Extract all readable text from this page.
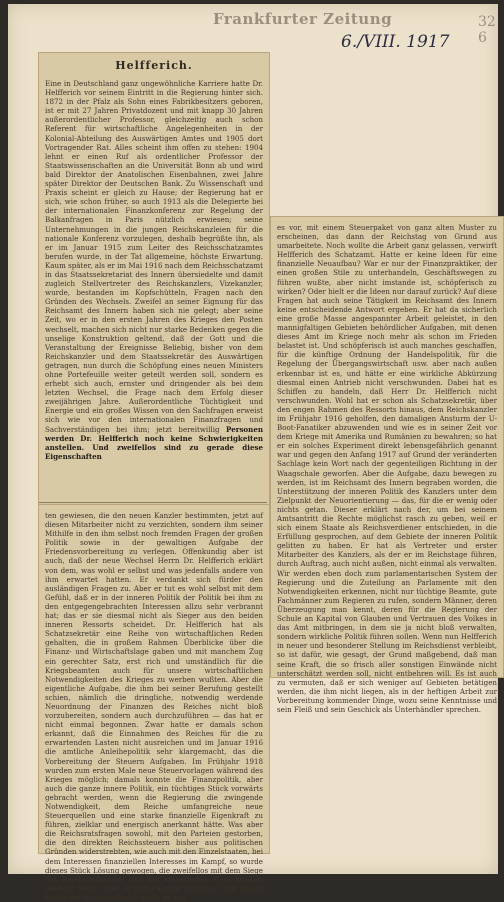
Frankfurter Zeitung
6./VIII. 1917
32 6
Helfferich.
Eine in Deutschland ganz ungewöhnliche Karriere hatte Dr. Helfferich vor seinem Eintritt in die Regierung hinter sich. 1872 in der Pfalz als Sohn eines Fabrikbesitzers geboren, ist er mit 27 Jahren Privatdozent und mit knapp 30 Jahren außerordentlicher Professor, gleichzeitig auch schon Referent für wirtschaftliche Angelegenheiten in der Kolonial-Abteilung des Auswärtigen Amtes und 1905 dort Vortragender Rat. Alles scheint ihm offen zu stehen: 1904 lehnt er einen Ruf als ordentlicher Professor der Staatswissenschaften an die Universität Bonn ab und wird bald Direktor der Anatolischen Eisenbahnen, zwei Jahre später Direktor der Deutschen Bank. Zu Wissenschaft und Praxis scheint er gleich zu Hause; der Regierung hat er sich, wie schon früher, so auch 1913 als die Delegierte bei der internationalen Finanzkonferenz zur Regelung der Balkanfragen in Paris nützlich erwiesen; seine Unternehmungen in die jungen Reichskanzleien für die nationale Konferenz vorzulegen, deshalb begrüßte ihn, als er im Januar 1915 zum Leiter des Reichsschatzamtes berufen wurde, in der Tat allgemeine, höchste Erwartung. Kaum später, als er im Mai 1916 nach dem Reichsschatzamt in das Staatssekretariat des Innern übersiedelte und damit zugleich Stellvertreter des Reichskanzlers, Vizekanzler, wurde, bestanden im Kopfschütteln, Fragen nach den Gründen des Wechsels. Zweifel an seiner Eignung für das Reichsamt des Innern haben sich nie gelegt; aber seine Zeit, wo er in den ersten Jahren des Krieges den Posten wechselt, machen sich nicht nur starke Bedenken gegen die unselige Konstruktion geltend, daß der Gott und die Veranstaltung der Ereignisse Beliebig, bisher von dem Reichskanzler und dem Staatssekretär des Auswärtigen getragen, nun durch die Schöpfung eines neuen Ministers ohne Portefeuille weiter geteilt werden soll, sondern es erhebt sich auch, ernster und dringender als bei dem letzten Wechsel, die Frage nach dem Erfolg dieser zweijährigen Jahre. Außerordentliche Tüchtigkeit und Energie und ein großes Wissen von den Sachfragen erweist sich wie vor den internationalen Finanzfragen und Sachverständigen bei ihm; jetzt bereitwillig Personen werden Dr. Helfferich noch keine Schwierigkeiten anstellen. Und zweifellos sind zu gerade diese Eigenschaften
ten gewiesen, die den neuen Kanzler bestimmten, jetzt auf diesen Mitarbeiter nicht zu verzichten, sondern ihm seiner Mithilfe in den ihm selbst noch fremden Fragen der großen Politik sowie in der gewaltigen Aufgabe der Friedensvorbereitung zu verlegen. Offenkundig aber ist auch, daß der neue Wechsel Herrn Dr. Helfferich erklärt von dem, was wohl er selbst und was jedenfalls andere von ihm erwartet hatten. Er verdankt sich fürder den ausländigen Fragen zu. Aber er tut es wohl selbst mit dem Gefühl, daß er in der inneren Politik der Politik bei ihm zu den entgegengebrachten Interessen allzu sehr verbrannt hat; das er sie diesmal nicht als Sieger aus den beiden inneren Ressorts scheidet. Dr. Helfferich hat als Schatzsekretär eine Reihe von wirtschaftlichen Reden gehalten, die in großem Rahmen Überblicke über die Finanz- und Wirtschaftslage gaben und mit manchem Zug ein gerechter Satz, erst rich und umständlich für die Kriegsbeamten auch für unsere wirtschaftlichen Notwendigkeiten des Krieges zu werben wußten. Aber die eigentliche Aufgabe, die ihm bei seiner Berufung gestellt schien, nämlich die dringliche, notwendig werdende Neuordnung der Finanzen des Reiches nicht bloß vorzubereiten, sondern auch durchzuführen — das hat er nicht einmal begonnen. Zwar hatte er damals schon erkannt, daß die Einnahmen des Reiches für die zu erwartenden Lasten nicht ausreichen und im Januar 1916 die amtliche Anleihepolitik sehr klargemacht, das die Vorbereitung der Steuern Aufgaben. Im Frühjahr 1918 wurden zum ersten Male neue Steuervorlagen während des Krieges möglich; damals konnte die Finanzpolitik, aber auch die ganze innere Politik, ein tüchtiges Stück vorwärts gebracht werden, wenn die Regierung die zwingende Notwendigkeit, dem Reiche umfangreiche neue Steuerquellen und eine starke finanzielle Eigenkraft zu führen, zielklar und energisch anerkannt hätte. Was aber die Reichsratsfragen sowohl, mit den Parteien gestorben, die den direkten Reichssteuern bisher aus politischen Gründen widerstrebten, wie auch mit den Einzelstaaten, bei dem Interessen finanziellen Interesses im Kampf, so wurde dieses Stück Lösung gewogen, die zweifellos mit dem Siege des Reichsgedankens und der steuerlichen Gerechtigkeit geendet hätte. Aber es hätte Kampf gekostet. Und Kampf wollte der Schatzsekretär nicht; er zog
es vor, mit einem Steuerpaket von ganz alten Muster zu erscheinen, das dann der Reichstag von Grund aus umarbeitete. Noch wollte die Arbeit ganz gelassen, verwirft Helfferich des Schatzamt. Hatte er keine Ideen für eine finanzielle Neuaufbau? War er nur der Finanzpraktiker, der einen großen Stile zu unterhandeln, Geschäftswegen zu führen wußte, aber nicht imstande ist, schöpferisch zu wirken? Oder hielt er die Ideen nur darauf zurück? Auf diese Fragen hat auch seine Tätigkeit im Reichsamt des Innern keine entscheidende Antwort ergeben. Er hat da sicherlich eine große Masse angespannter Arbeit geleistet, in den mannigfaltigen Gebieten behördlicher Aufgaben, mit denen dieses Amt im Kriege noch mehr als schon im Frieden belastet ist. Und schöpferisch ist auch manches geschaffen, für die künftige Ordnung der Handelspolitik, für die Regelung der Übergangswirtschaft usw. aber nach außen erkennbar ist es, und hätte er eine wirkliche Abkürzung diesmal einen Antrieb nicht verschwunden. Dabei hat es Schiffen zu handeln, daß Herr Dr. Helfferich nicht verschwunden. Wohl hat er schon als Schatzsekretär, über den engen Rahmen des Ressorts hinaus, dem Reichskanzler im Frühjahr 1916 geholfen, den damaligen Ansturm der U-Boot-Fanatiker abzuwenden und wie es in seiner Zeit vor dem Kriege mit Amerika und Rumänien zu bewahren; so hat er ein solches Experiment direkt lebensgefährlich genannt war und gegen den Anfang 1917 auf Grund der veränderten Sachlage kein Wort nach der gegenteiligen Richtung in der Waagschale geworfen. Aber die Aufgabe, dazu bewegen zu werden, ist im Reichsamt des Innern begraben worden, die Unterstützung der inneren Politik des Kanzlers unter dem Zielpunkt der Neuorientierung — das, für die er wenig oder nichts getan. Dieser erklärt nach der, um bei seinem Amtsantritt die Rechte möglichst rasch zu geben, weil er sich einem Staate als Reichsverdiener entschieden, in die Erfüllung gesprochen, auf dem Gebiete der inneren Politik gelitten zu haben. Er hat als Vertreter und erster Mitarbeiter des Kanzlers, als der er im Reichstage führen, durch Auftrag, auch nicht außen, nicht einmal als verwalten. Wir werden eben doch zum parlamentarischen System der Regierung und die Zuteilung an Parlamente mit den Notwendigkeiten erkennen, nicht nur tüchtige Beamte, gute Fachmänner zum Regieren zu rufen, sondern Männer, deren Überzeugung man kennt, deren für die Regierung der Schule an Kapital von Glauben und Vertrauen des Volkes in das Amt mitbringen, in dem sie ja nicht bloß verwalten, sondern wirkliche Politik führen sollen. Wenn nun Helfferich in neuer und besonderer Stellung im Reichsdienst verbleibt, so ist dafür, wie gesagt, der Grund maßgebend, daß man seine Kraft, die so frisch aller sonstigen Einwände nicht unterschätzt werden soll, nicht entbehren will. Es ist auch zu vermuten, daß er sich weniger auf Gebieten betätigen werden, die ihm nicht liegen, als in der heftigen Arbeit zur Vorbereitung kommender Dinge, wozu seine Kenntnisse und sein Fleiß und sein Geschick als Unterhändler sprechen.
